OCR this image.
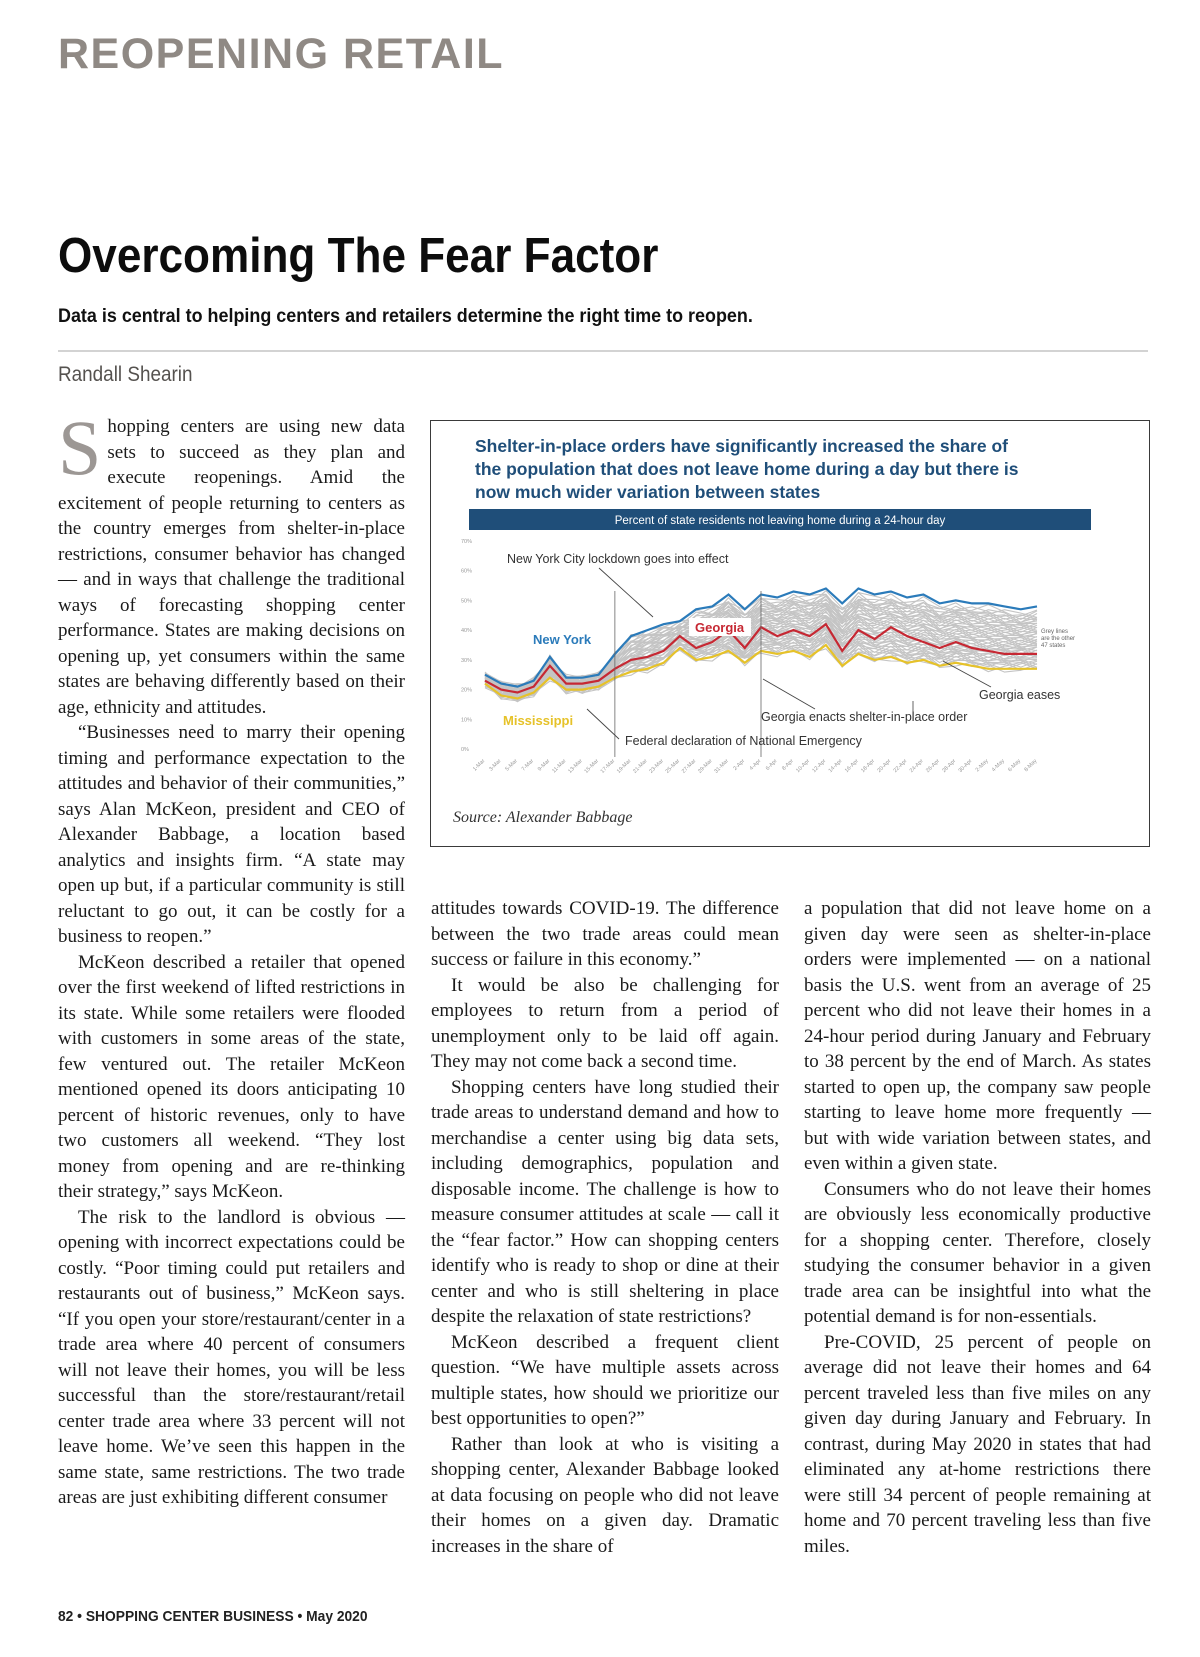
REOPENING RETAIL
Overcoming The Fear Factor
Data is central to helping centers and retailers determine the right time to reopen.
Randall Shearin

Shopping centers are using new data sets to succeed as they plan and execute reopenings. Amid the excitement of people returning to centers as the country emerges from shelter-in-place restrictions, consumer behavior has changed — and in ways that challenge the traditional ways of forecasting shopping center performance. States are making decisions on opening up, yet consumers within the same states are behaving differently based on their age, ethnicity and attitudes.

“Businesses need to marry their opening timing and performance expectation to the attitudes and behavior of their communities,” says Alan McKeon, president and CEO of Alexander Babbage, a location based analytics and insights firm. “A state may open up but, if a particular community is still reluctant to go out, it can be costly for a business to reopen.”

McKeon described a retailer that opened over the first weekend of lifted restrictions in its state. While some retailers were flooded with customers in some areas of the state, few ventured out. The retailer McKeon mentioned opened its doors anticipating 10 percent of historic revenues, only to have two customers all weekend. “They lost money from opening and are re-thinking their strategy,” says McKeon.

The risk to the landlord is obvious — opening with incorrect expectations could be costly. “Poor timing could put retailers and restaurants out of business,” McKeon says. “If you open your store/restaurant/center in a trade area where 40 percent of consumers will not leave their homes, you will be less successful than the store/restaurant/retail center trade area where 33 percent will not leave home. We’ve seen this happen in the same state, same restrictions. The two trade areas are just exhibiting different consumer

attitudes towards COVID-19. The difference between the two trade areas could mean success or failure in this economy.”

It would be also be challenging for employees to return from a period of unemployment only to be laid off again. They may not come back a second time.

Shopping centers have long studied their trade areas to understand demand and how to merchandise a center using big data sets, including demographics, population and disposable income. The challenge is how to measure consumer attitudes at scale — call it the “fear factor.” How can shopping centers identify who is ready to shop or dine at their center and who is still sheltering in place despite the relaxation of state restrictions?

McKeon described a frequent client question. “We have multiple assets across multiple states, how should we prioritize our best opportunities to open?”

Rather than look at who is visiting a shopping center, Alexander Babbage looked at data focusing on people who did not leave their homes on a given day. Dramatic increases in the share of

a population that did not leave home on a given day were seen as shelter-in-place orders were implemented — on a national basis the U.S. went from an average of 25 percent who did not leave their homes in a 24-hour period during January and February to 38 percent by the end of March. As states started to open up, the company saw people starting to leave home more frequently — but with wide variation between states, and even within a given state.

Consumers who do not leave their homes are obviously less economically productive for a shopping center. Therefore, closely studying the consumer behavior in a given trade area can be insightful into what the potential demand is for non-essentials.

Pre-COVID, 25 percent of people on average did not leave their homes and 64 percent traveled less than five miles on any given day during January and February. In contrast, during May 2020 in states that had eliminated any at-home restrictions there were still 34 percent of people remaining at home and 70 percent traveling less than five miles.

Shelter-in-place orders have significantly increased the share of
the population that does not leave home during a day but there is
now much wider variation between states
Percent of state residents not leaving home during a 24-hour day
0%
10%
20%
30%
40%
50%
60%
70%
New York
Georgia
Mississippi
New York City lockdown goes into effect
Federal declaration of National Emergency
Georgia enacts shelter-in-place order
Georgia eases
Grey lines
are the other
47 states
1-Mar 3-Mar 5-Mar 7-Mar 9-Mar 11-Mar 13-Mar 15-Mar 17-Mar 19-Mar 21-Mar 23-Mar 25-Mar 27-Mar 29-Mar 31-Mar 2-Apr 4-Apr 6-Apr 8-Apr 10-Apr 12-Apr 14-Apr 16-Apr 18-Apr 20-Apr 22-Apr 24-Apr 26-Apr 28-Apr 30-Apr 2-May 4-May 6-May 8-May
Source: Alexander Babbage
82 • SHOPPING CENTER BUSINESS • May 2020
